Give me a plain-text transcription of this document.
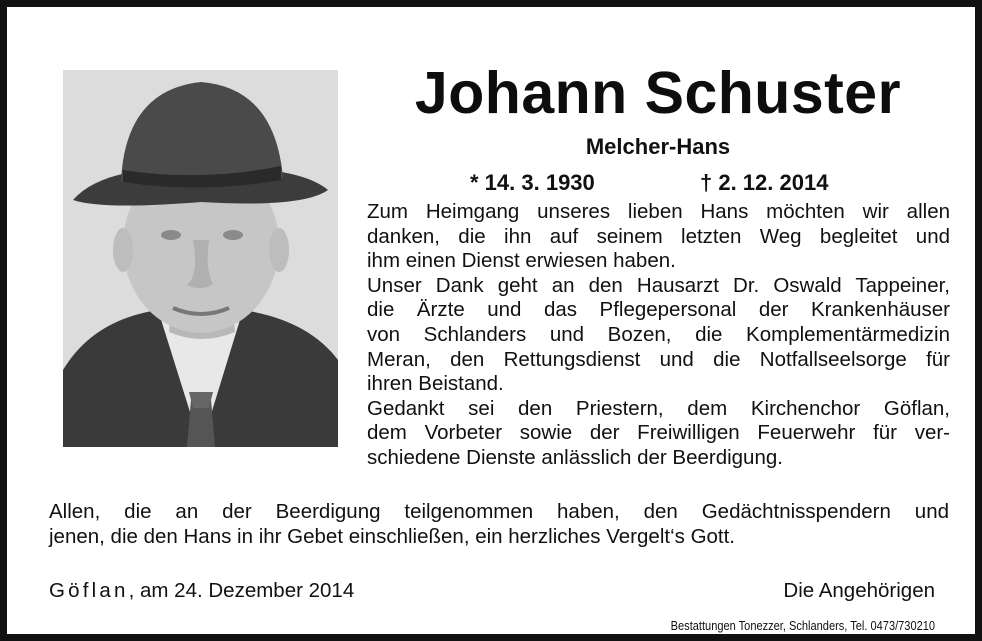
Johann Schuster
Melcher-Hans
* 14. 3. 1930	† 2. 12. 2014
Zum Heimgang unseres lieben Hans möchten wir allen
danken, die ihn auf seinem letzten Weg begleitet und
ihm einen Dienst erwiesen haben.
Unser Dank geht an den Hausarzt Dr. Oswald Tappeiner,
die Ärzte und das Pflegepersonal der Krankenhäuser
von Schlanders und Bozen, die Komplementärmedizin
Meran, den Rettungsdienst und die Notfallseelsorge für
ihren Beistand.
Gedankt sei den Priestern, dem Kirchenchor Göflan,
dem Vorbeter sowie der Freiwilligen Feuerwehr für ver-
schiedene Dienste anlässlich der Beerdigung.
Allen, die an der Beerdigung teilgenommen haben, den Gedächtnisspendern und
jenen, die den Hans in ihr Gebet einschließen, ein herzliches Vergelt‘s Gott.
Göflan, am 24. Dezember 2014	Die Angehörigen
Bestattungen Tonezzer, Schlanders, Tel. 0473/730210
